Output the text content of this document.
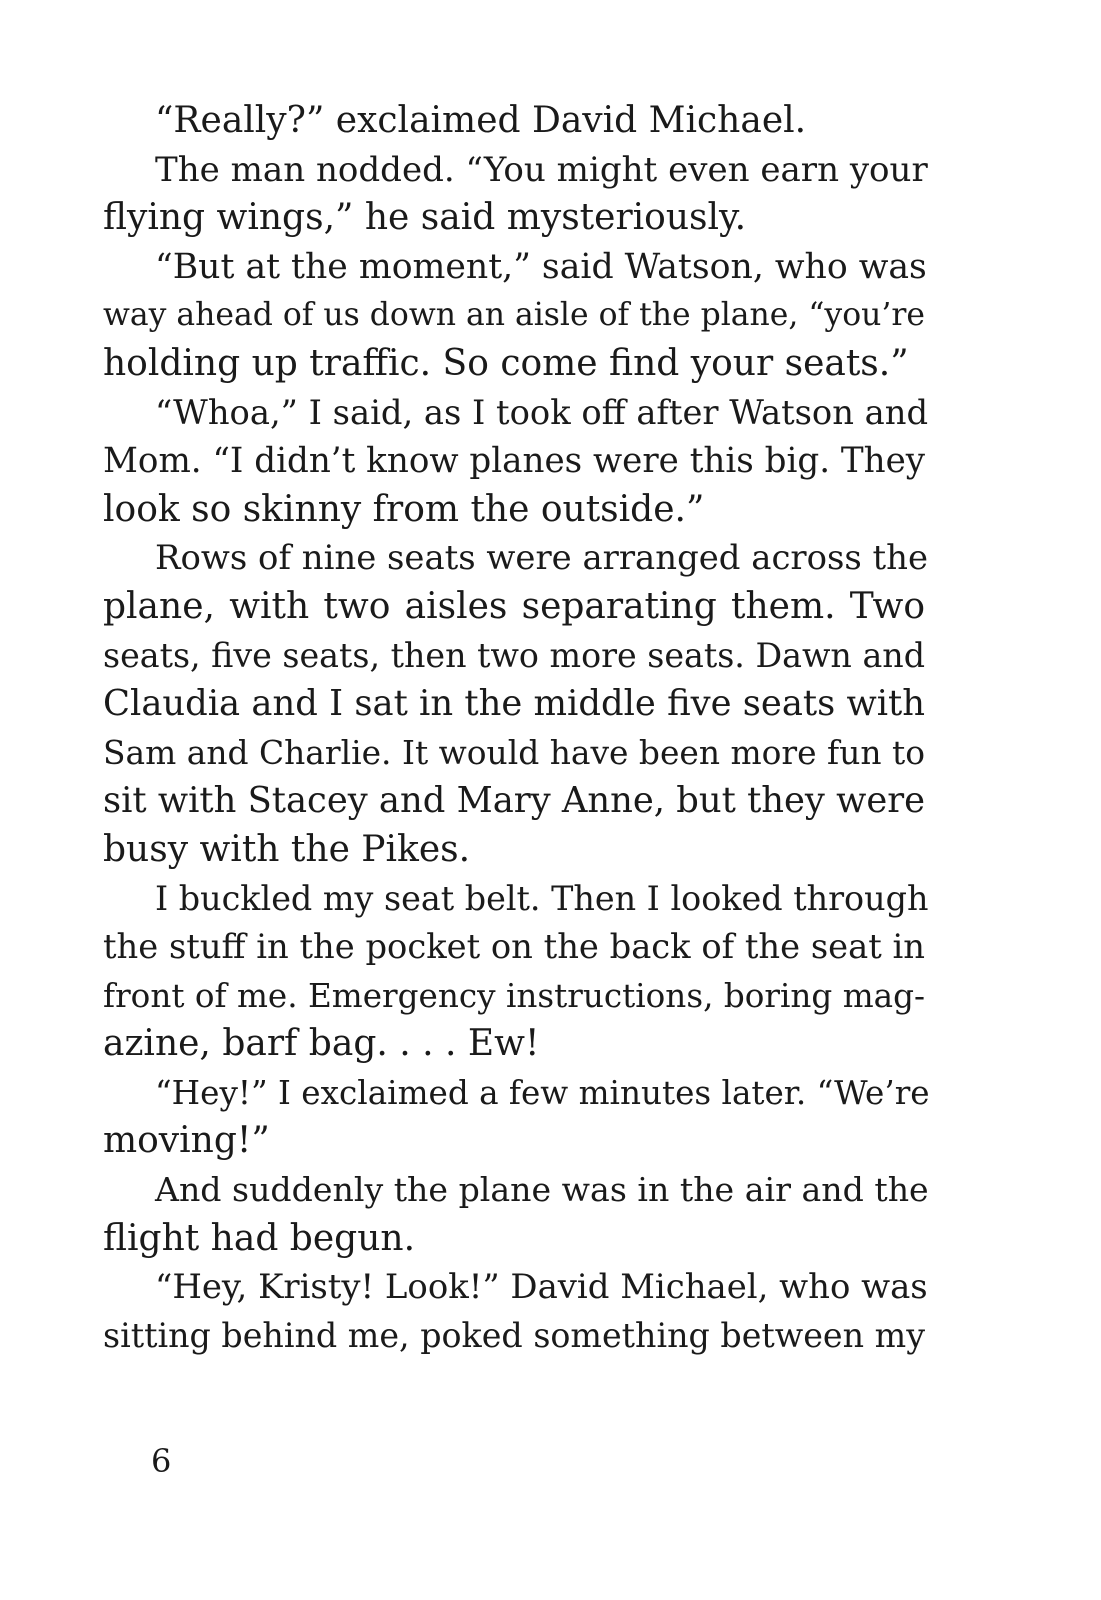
“Really?” exclaimed David Michael.
The man nodded. “You might even earn your
flying wings,” he said mysteriously.
“But at the moment,” said Watson, who was
way ahead of us down an aisle of the plane, “you’re
holding up traffic. So come find your seats.”
“Whoa,” I said, as I took off after Watson and
Mom. “I didn’t know planes were this big. They
look so skinny from the outside.”
Rows of nine seats were arranged across the
plane, with two aisles separating them. Two
seats, five seats, then two more seats. Dawn and
Claudia and I sat in the middle five seats with
Sam and Charlie. It would have been more fun to
sit with Stacey and Mary Anne, but they were
busy with the Pikes.
I buckled my seat belt. Then I looked through
the stuff in the pocket on the back of the seat in
front of me. Emergency instructions, boring mag-
azine, barf bag. . . . Ew!
“Hey!” I exclaimed a few minutes later. “We’re
moving!”
And suddenly the plane was in the air and the
flight had begun.
“Hey, Kristy! Look!” David Michael, who was
sitting behind me, poked something between my
6
